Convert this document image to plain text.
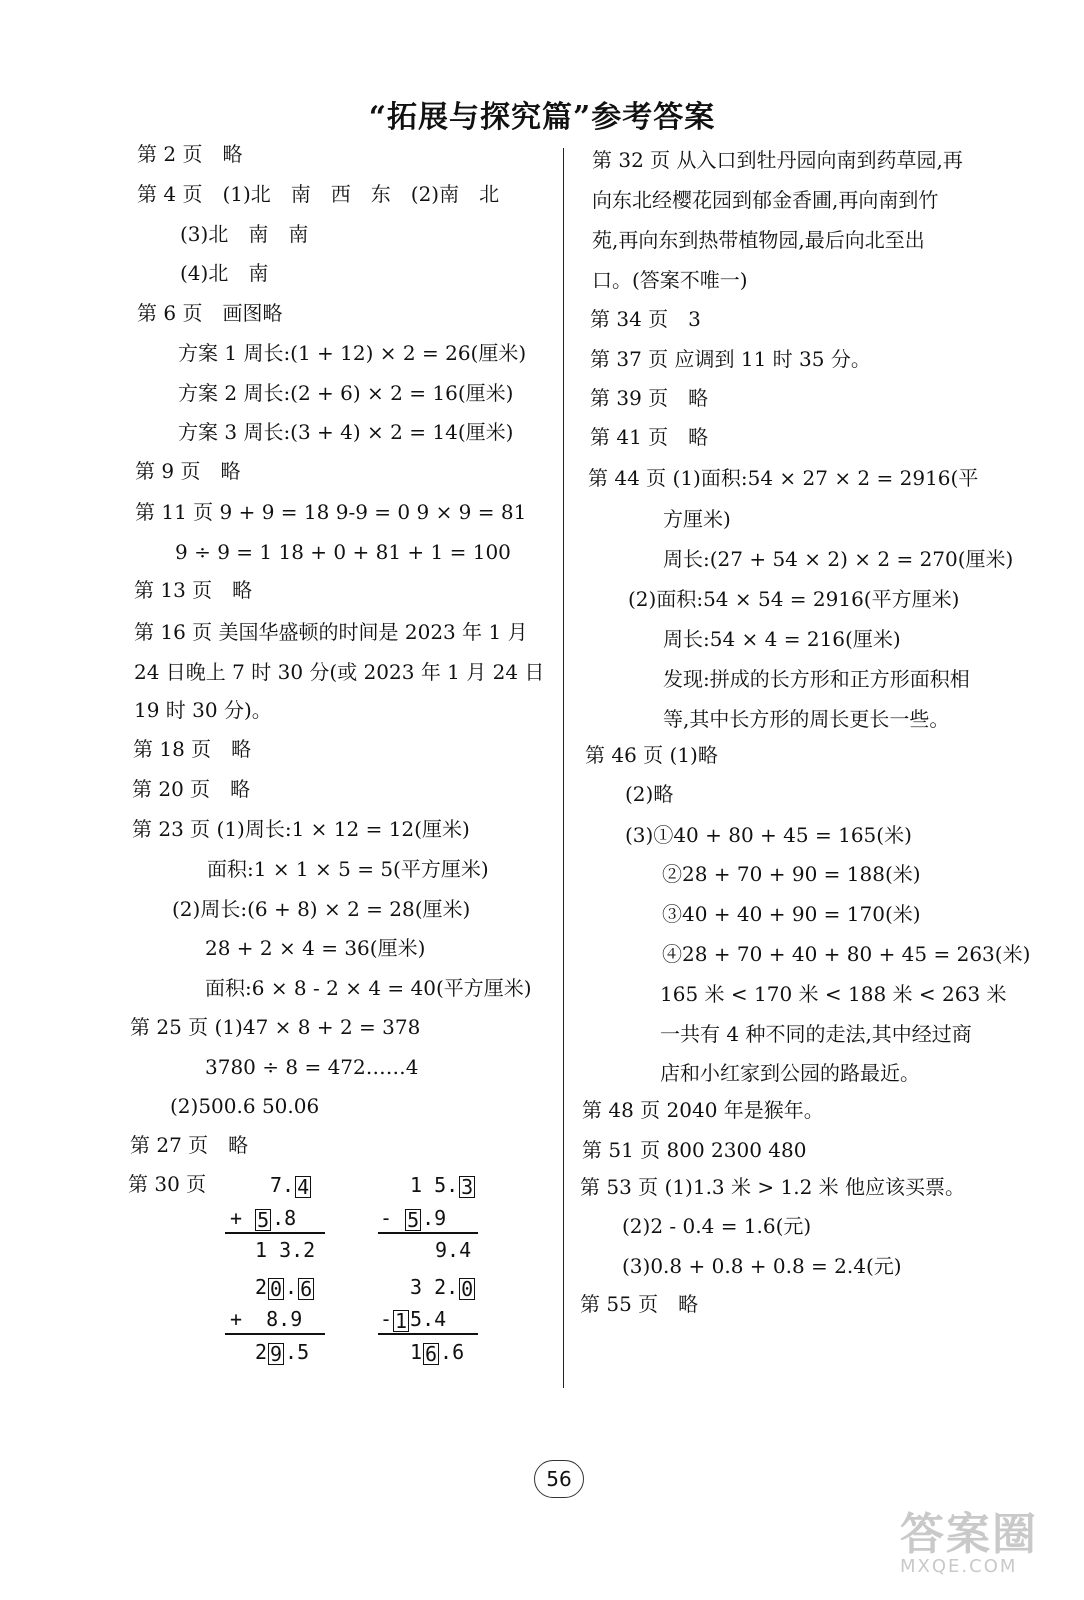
“拓展与探究篇”参考答案
第 2 页　略
第 4 页　(1)北　南　西　东　(2)南　北
(3)北　南　南
(4)北　南
第 6 页　画图略
方案 1 周长:(1 + 12) × 2 = 26(厘米)
方案 2 周长:(2 + 6) × 2 = 16(厘米)
方案 3 周长:(3 + 4) × 2 = 14(厘米)
第 9 页　略
第 11 页 9 + 9 = 18 9-9 = 0 9 × 9 = 81
9 ÷ 9 = 1 18 + 0 + 81 + 1 = 100
第 13 页　略
第 16 页 美国华盛顿的时间是 2023 年 1 月
24 日晚上 7 时 30 分(或 2023 年 1 月 24 日
19 时 30 分)。
第 18 页　略
第 20 页　略
第 23 页 (1)周长:1 × 12 = 12(厘米)
面积:1 × 1 × 5 = 5(平方厘米)
(2)周长:(6 + 8) × 2 = 28(厘米)
28 + 2 × 4 = 36(厘米)
面积:6 × 8 - 2 × 4 = 40(平方厘米)
第 25 页 (1)47 × 8 + 2 = 378
3780 ÷ 8 = 472……4
(2)500.6 50.06
第 27 页　略
第 30 页	7. 4
+ 5 .8
1 3.2
1 5. 3
- 5 .9
9.4
2 0 . 6
+  8.9
2 9 .5
3 2. 0
- 1 5.4
1 6 .6
第 32 页 从入口到牡丹园向南到药草园,再
向东北经樱花园到郁金香圃,再向南到竹
苑,再向东到热带植物园,最后向北至出
口。(答案不唯一)
第 34 页　3
第 37 页 应调到 11 时 35 分。
第 39 页　略
第 41 页　略
第 44 页 (1)面积:54 × 27 × 2 = 2916(平
方厘米)
周长:(27 + 54 × 2) × 2 = 270(厘米)
(2)面积:54 × 54 = 2916(平方厘米)
周长:54 × 4 = 216(厘米)
发现:拼成的长方形和正方形面积相
等,其中长方形的周长更长一些。
第 46 页 (1)略
(2)略
(3)①40 + 80 + 45 = 165(米)
②28 + 70 + 90 = 188(米)
③40 + 40 + 90 = 170(米)
④28 + 70 + 40 + 80 + 45 = 263(米)
165 米 < 170 米 < 188 米 < 263 米
一共有 4 种不同的走法,其中经过商
店和小红家到公园的路最近。
第 48 页 2040 年是猴年。
第 51 页 800 2300 480
第 53 页 (1)1.3 米 > 1.2 米 他应该买票。
(2)2 - 0.4 = 1.6(元)
(3)0.8 + 0.8 + 0.8 = 2.4(元)
第 55 页　略
56
答案圈
MXQE.COM
